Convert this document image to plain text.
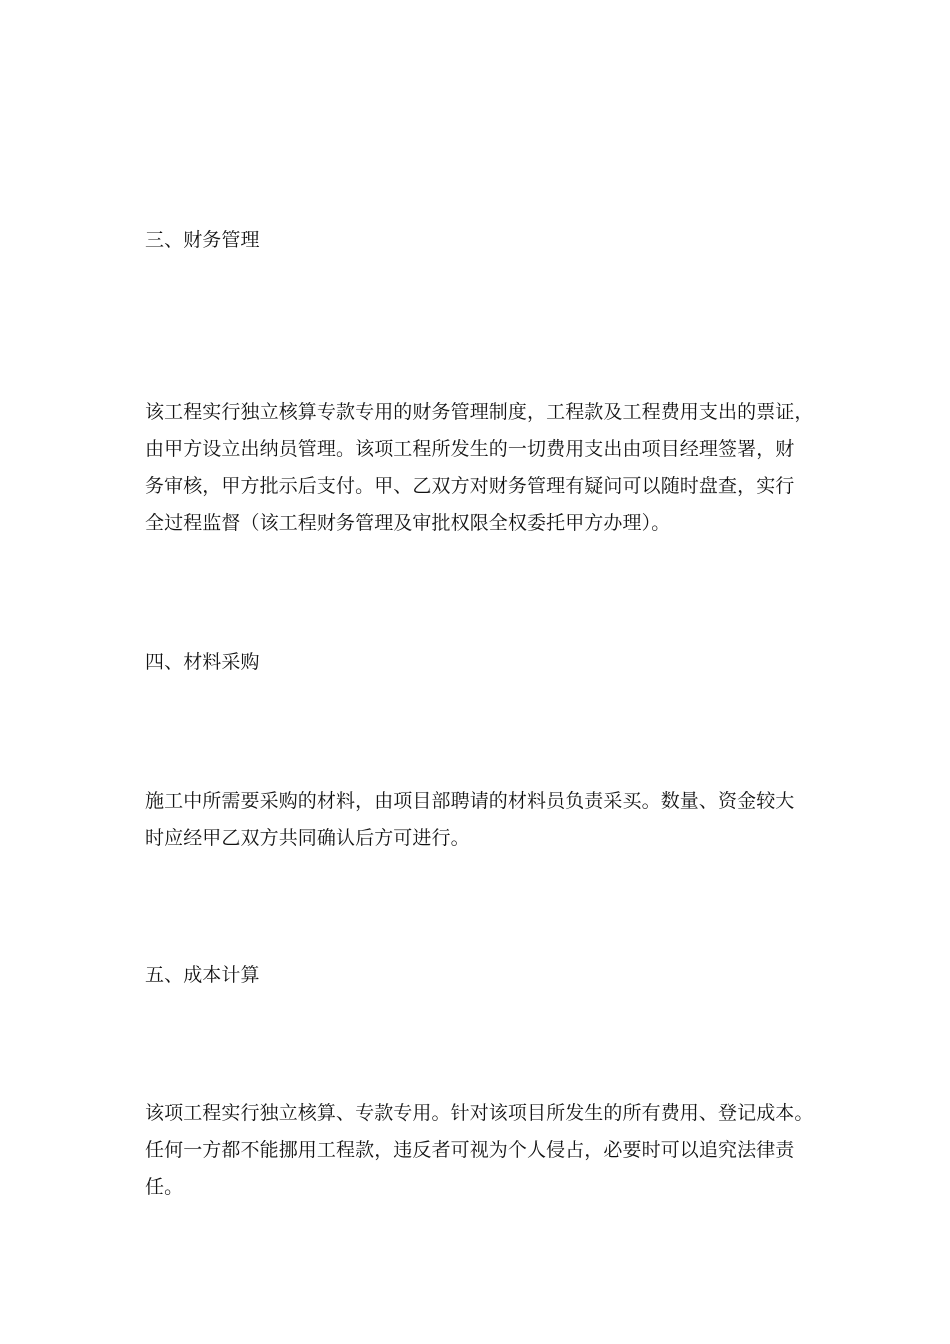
三、财务管理
该工程实行独立核算专款专用的财务管理制度，工程款及工程费用支出的票证，
由甲方设立出纳员管理。该项工程所发生的一切费用支出由项目经理签署，财
务审核，甲方批示后支付。甲、乙双方对财务管理有疑问可以随时盘查，实行
全过程监督（该工程财务管理及审批权限全权委托甲方办理）。
四、材料采购
施工中所需要采购的材料，由项目部聘请的材料员负责采买。数量、资金较大
时应经甲乙双方共同确认后方可进行。
五、成本计算
该项工程实行独立核算、专款专用。针对该项目所发生的所有费用、登记成本。
任何一方都不能挪用工程款，违反者可视为个人侵占，必要时可以追究法律责
任。
